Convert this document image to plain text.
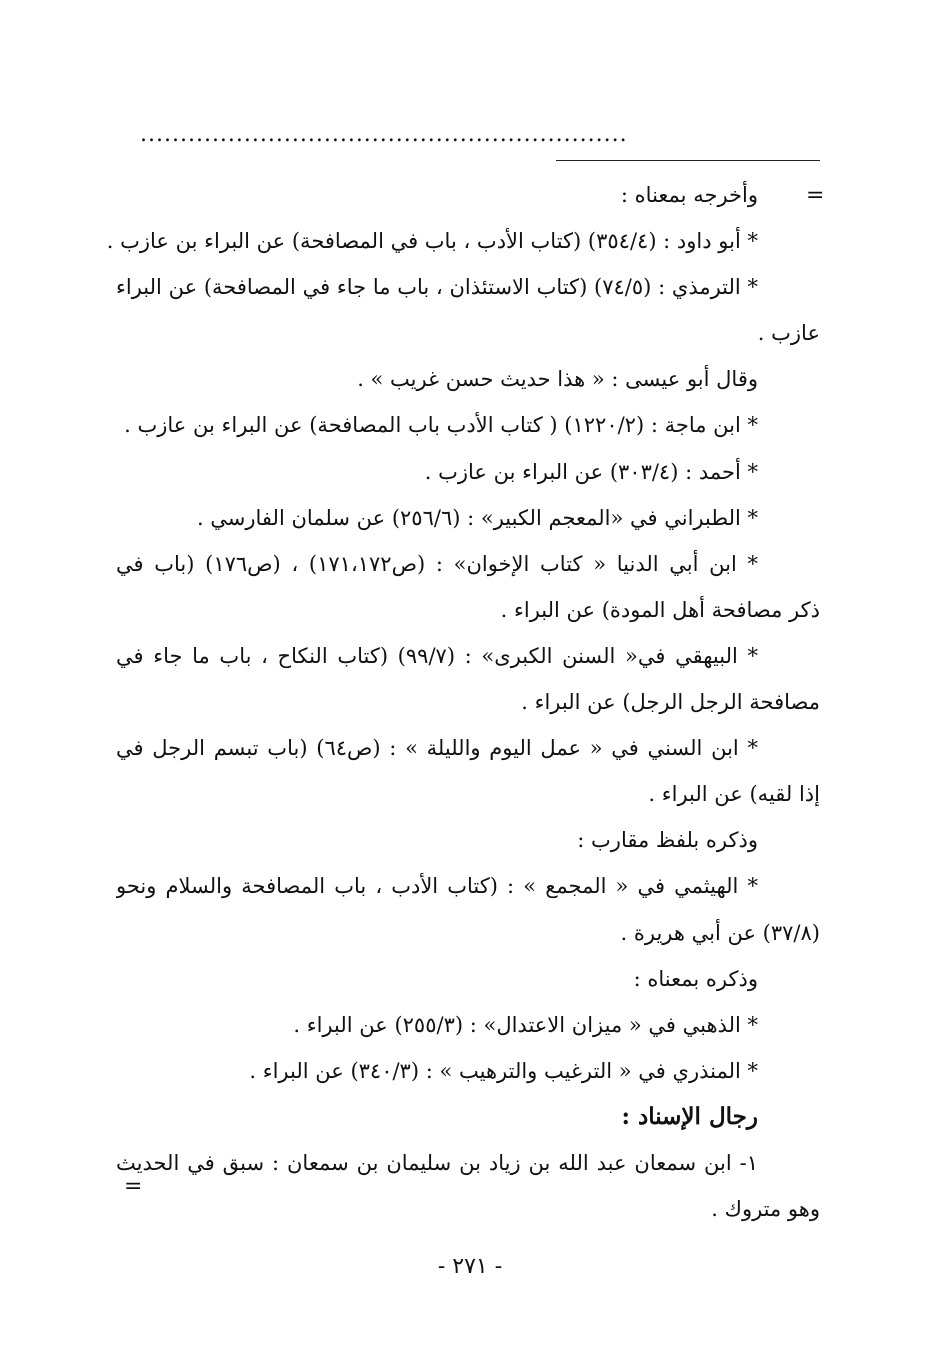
.............................................................
=
وأخرجه بمعناه :
* أبو داود : (٣٥٤/٤) (كتاب الأدب ، باب في المصافحة) عن البراء بن عازب .
* الترمذي : (٧٤/٥) (كتاب الاستئذان ، باب ما جاء في المصافحة) عن البراء
عازب .
وقال أبو عيسى : « هذا حديث حسن غريب » .
* ابن ماجة : (١٢٢٠/٢) ( كتاب الأدب باب المصافحة) عن البراء بن عازب .
* أحمد : (٣٠٣/٤) عن البراء بن عازب .
* الطبراني في «المعجم الكبير» : (٢٥٦/٦) عن سلمان الفارسي .
* ابن أبي الدنيا « كتاب الإخوان» : (ص١٧١،١٧٢) ، (ص١٧٦) (باب في
ذكر مصافحة أهل المودة) عن البراء .
* البيهقي في« السنن الكبرى» : (٩٩/٧) (كتاب النكاح ، باب ما جاء في
مصافحة الرجل الرجل) عن البراء .
* ابن السني في « عمل اليوم والليلة » : (ص٦٤) (باب تبسم الرجل في
إذا لقيه) عن البراء .
وذكره بلفظ مقارب :
* الهيثمي في « المجمع » : (كتاب الأدب ، باب المصافحة والسلام ونحو
(٣٧/٨) عن أبي هريرة .
وذكره بمعناه :
* الذهبي في « ميزان الاعتدال» : (٢٥٥/٣) عن البراء .
* المنذري في « الترغيب والترهيب » : (٣٤٠/٣) عن البراء .
رجال الإسناد :
١- ابن سمعان عبد الله بن زياد بن سليمان بن سمعان : سبق في الحديث
وهو متروك .
=
- ٢٧١ -
